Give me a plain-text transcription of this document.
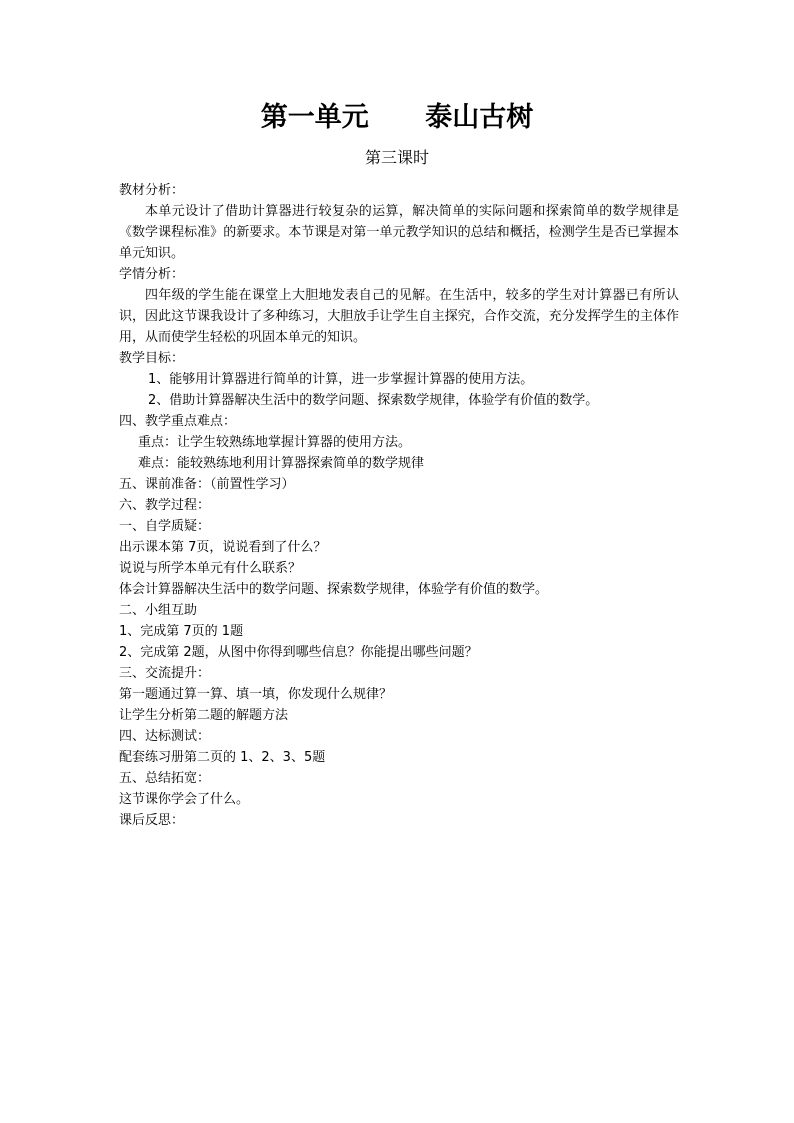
第一单元      泰山古树
第三课时
教材分析：
本单元设计了借助计算器进行较复杂的运算，解决简单的实际问题和探索简单的数学规律是《数学课程标准》的新要求。本节课是对第一单元教学知识的总结和概括，检测学生是否已掌握本单元知识。
学情分析：
四年级的学生能在课堂上大胆地发表自己的见解。在生活中，较多的学生对计算器已有所认识，因此这节课我设计了多种练习，大胆放手让学生自主探究，合作交流，充分发挥学生的主体作用，从而使学生轻松的巩固本单元的知识。
教学目标：
1、能够用计算器进行简单的计算，进一步掌握计算器的使用方法。
2、借助计算器解决生活中的数学问题、探索数学规律，体验学有价值的数学。
四、教学重点难点：
重点：让学生较熟练地掌握计算器的使用方法。
难点：能较熟练地利用计算器探索简单的数学规律
五、课前准备：（前置性学习）
六、教学过程：
一、自学质疑：
出示课本第 7页，说说看到了什么？
说说与所学本单元有什么联系？
体会计算器解决生活中的数学问题、探索数学规律，体验学有价值的数学。
二、小组互助
1、完成第 7页的 1题
2、完成第 2题，从图中你得到哪些信息？你能提出哪些问题？
三、交流提升：
第一题通过算一算、填一填，你发现什么规律？
让学生分析第二题的解题方法
四、达标测试：
配套练习册第二页的 1、2、3、5题
五、总结拓宽：
这节课你学会了什么。
课后反思：
